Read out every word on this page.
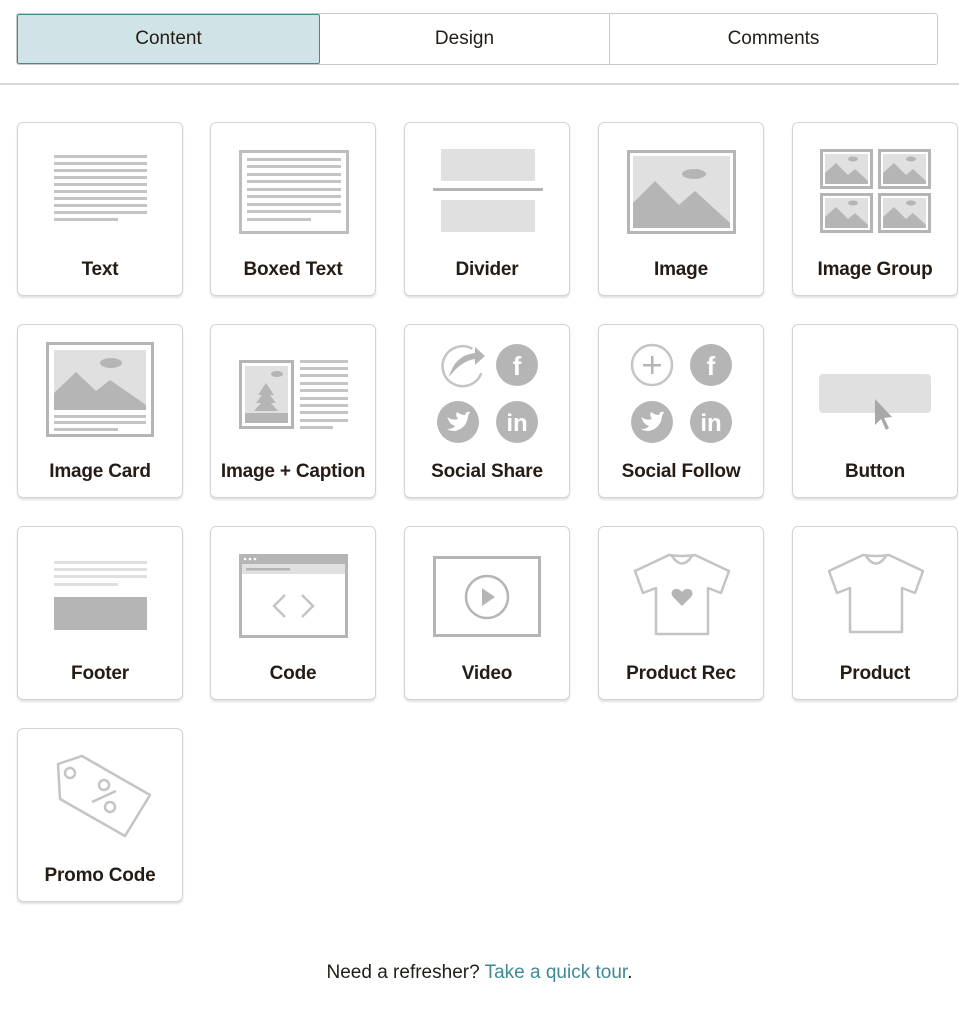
Content	Design	Comments
Text	Boxed Text	Divider	Image	Image Group
Image Card	Image + Caption
f
in
Social Share
f
in
Social Follow	Button
Footer	Code	Video	Product Rec	Product
Promo Code
Need a refresher? Take a quick tour.
